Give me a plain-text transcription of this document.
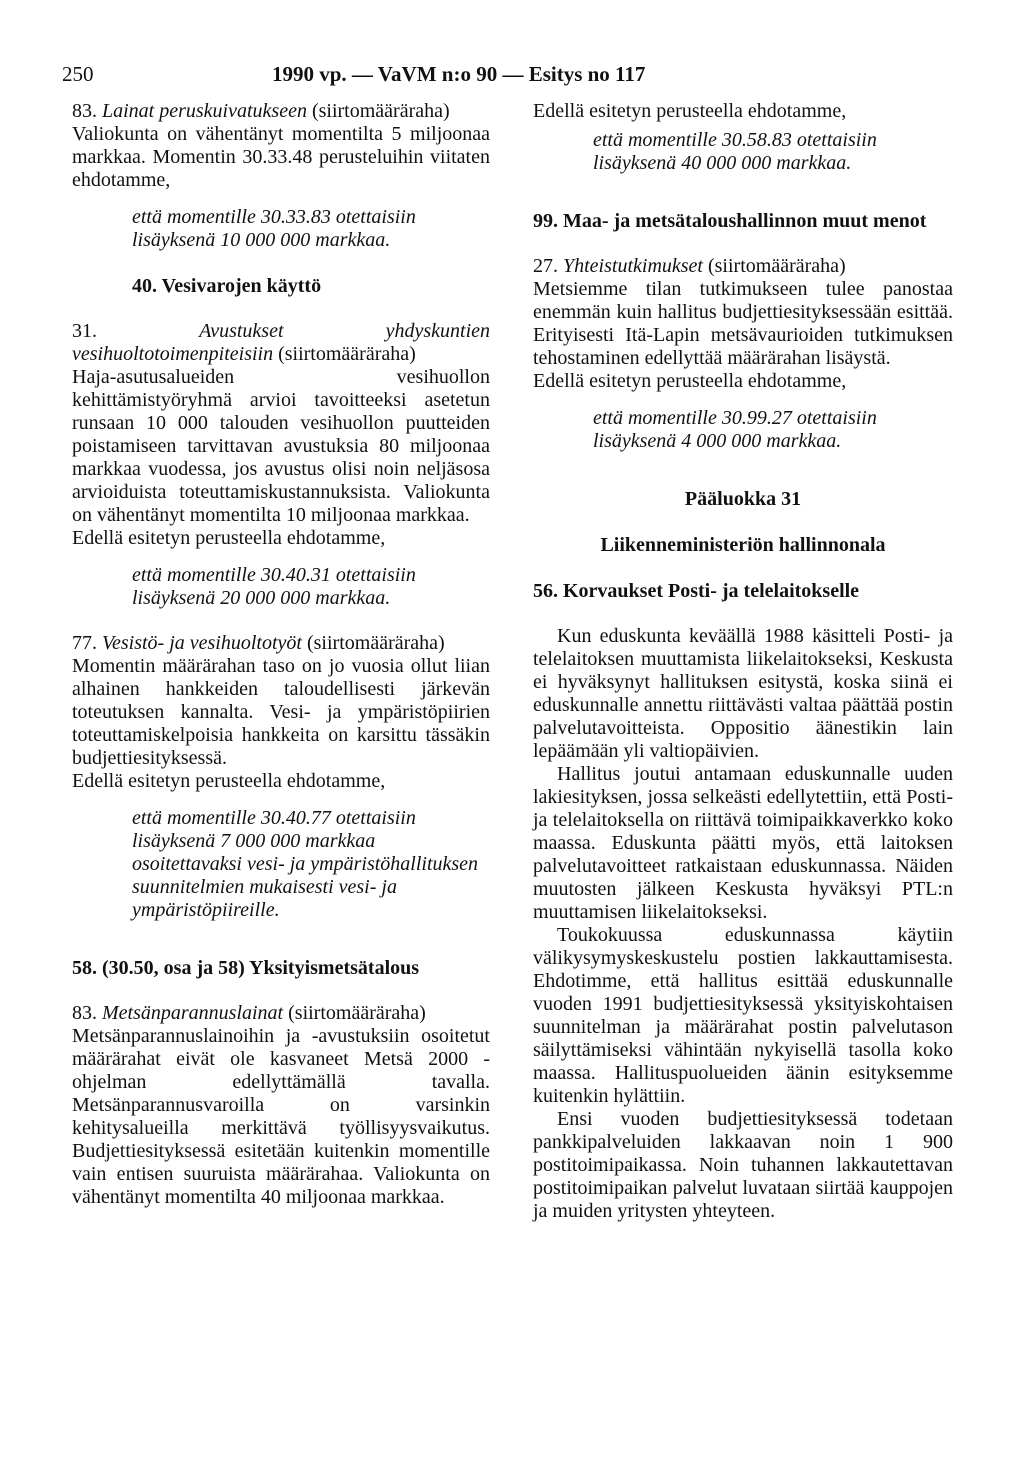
250	1990 vp. — VaVM n:o 90 — Esitys no 117

83. Lainat peruskuivatukseen (siirtomääräraha)

Valiokunta on vähentänyt momentilta 5 miljoonaa markkaa. Momentin 30.33.48 perusteluihin viitaten ehdotamme,

että momentille 30.33.83 otettaisiin lisäyksenä 10 000 000 markkaa.

40. Vesivarojen käyttö

31.	Avustukset yhdyskuntien vesihuoltotoimenpiteisiin (siirtomääräraha)

Haja-asutusalueiden vesihuollon kehittämistyöryhmä arvioi tavoitteeksi asetetun runsaan 10 000 talouden vesihuollon puutteiden poistamiseen tarvittavan avustuksia 80 miljoonaa markkaa vuodessa, jos avustus olisi noin neljäsosa arvioiduista toteuttamiskustannuksista. Valiokunta on vähentänyt momentilta 10 miljoonaa markkaa.

Edellä esitetyn perusteella ehdotamme,

että momentille 30.40.31 otettaisiin lisäyksenä 20 000 000 markkaa.

77. Vesistö- ja vesihuoltotyöt (siirtomääräraha)

Momentin määrärahan taso on jo vuosia ollut liian alhainen hankkeiden taloudellisesti järkevän toteutuksen kannalta. Vesi- ja ympäristöpiirien toteuttamiskelpoisia hankkeita on karsittu tässäkin budjettiesityksessä.

Edellä esitetyn perusteella ehdotamme,

että momentille 30.40.77 otettaisiin lisäyksenä 7 000 000 markkaa osoitettavaksi vesi- ja ympäristöhallituksen suunnitelmien mukaisesti vesi- ja ympäristöpiireille.

58. (30.50, osa ja 58) Yksityismetsätalous

83. Metsänparannuslainat (siirtomääräraha)

Metsänparannuslainoihin ja -avustuksiin osoitetut määrärahat eivät ole kasvaneet Metsä 2000 -ohjelman edellyttämällä tavalla. Metsänparannusvaroilla on varsinkin kehitysalueilla merkittävä työllisyysvaikutus. Budjettiesityksessä esitetään kuitenkin momentille vain entisen suuruista määrärahaa. Valiokunta on vähentänyt momentilta 40 miljoonaa markkaa.

Edellä esitetyn perusteella ehdotamme,

että momentille 30.58.83 otettaisiin lisäyksenä 40 000 000 markkaa.

99. Maa- ja metsätaloushallinnon muut menot

27. Yhteistutkimukset (siirtomääräraha)

Metsiemme tilan tutkimukseen tulee panostaa enemmän kuin hallitus budjettiesityksessään esittää. Erityisesti Itä-Lapin metsävaurioiden tutkimuksen tehostaminen edellyttää määrärahan lisäystä.

Edellä esitetyn perusteella ehdotamme,

että momentille 30.99.27 otettaisiin lisäyksenä 4 000 000 markkaa.

Pääluokka 31

Liikenneministeriön hallinnonala

56. Korvaukset Posti- ja telelaitokselle

Kun eduskunta keväällä 1988 käsitteli Posti- ja telelaitoksen muuttamista liikelaitokseksi, Keskusta ei hyväksynyt hallituksen esitystä, koska siinä ei eduskunnalle annettu riittävästi valtaa päättää postin palvelutavoitteista. Oppositio äänestikin lain lepäämään yli valtiopäivien.

Hallitus joutui antamaan eduskunnalle uuden lakiesityksen, jossa selkeästi edellytettiin, että Posti- ja telelaitoksella on riittävä toimipaikkaverkko koko maassa. Eduskunta päätti myös, että laitoksen palvelutavoitteet ratkaistaan eduskunnassa. Näiden muutosten jälkeen Keskusta hyväksyi PTL:n muuttamisen liikelaitokseksi.

Toukokuussa eduskunnassa käytiin välikysymyskeskustelu postien lakkauttamisesta. Ehdotimme, että hallitus esittää eduskunnalle vuoden 1991 budjettiesityksessä yksityiskohtaisen suunnitelman ja määrärahat postin palvelutason säilyttämiseksi vähintään nykyisellä tasolla koko maassa. Hallituspuolueiden äänin esityksemme kuitenkin hylättiin.

Ensi vuoden budjettiesityksessä todetaan pankkipalveluiden lakkaavan noin 1 900 postitoimipaikassa. Noin tuhannen lakkautettavan postitoimipaikan palvelut luvataan siirtää kauppojen ja muiden yritysten yhteyteen.
